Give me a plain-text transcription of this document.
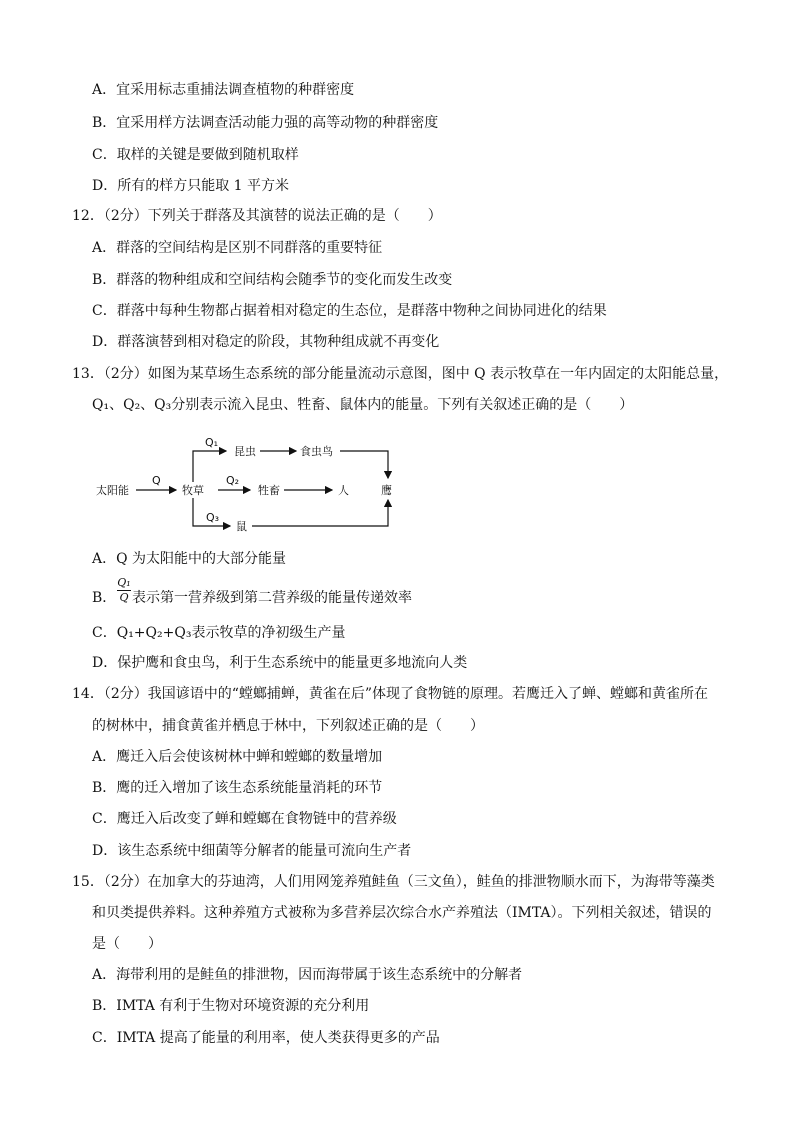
A．宜采用标志重捕法调查植物的种群密度
B．宜采用样方法调查活动能力强的高等动物的种群密度
C．取样的关键是要做到随机取样
D．所有的样方只能取 1 平方米
12．（2分）下列关于群落及其演替的说法正确的是（　　）
A．群落的空间结构是区别不同群落的重要特征
B．群落的物种组成和空间结构会随季节的变化而发生改变
C．群落中每种生物都占据着相对稳定的生态位，是群落中物种之间协同进化的结果
D．群落演替到相对稳定的阶段，其物种组成就不再变化
13．（2分）如图为某草场生态系统的部分能量流动示意图，图中 Q 表示牧草在一年内固定的太阳能总量，
Q₁、Q₂、Q₃分别表示流入昆虫、牲畜、鼠体内的能量。下列有关叙述正确的是（　　）
太阳能
Q
牧草
Q₁
Q₂
Q₃
昆虫	食虫鸟
牲畜	人	鹰
鼠
A．Q 为太阳能中的大部分能量
B．
Q₁
Q 表示第一营养级到第二营养级的能量传递效率
C．Q₁+Q₂+Q₃表示牧草的净初级生产量
D．保护鹰和食虫鸟，利于生态系统中的能量更多地流向人类
14．（2分）我国谚语中的“螳螂捕蝉，黄雀在后”体现了食物链的原理。若鹰迁入了蝉、螳螂和黄雀所在
的树林中，捕食黄雀并栖息于林中，下列叙述正确的是（　　）
A．鹰迁入后会使该树林中蝉和螳螂的数量增加
B．鹰的迁入增加了该生态系统能量消耗的环节
C．鹰迁入后改变了蝉和螳螂在食物链中的营养级
D．该生态系统中细菌等分解者的能量可流向生产者
15．（2分）在加拿大的芬迪湾，人们用网笼养殖鲑鱼（三文鱼），鲑鱼的排泄物顺水而下，为海带等藻类
和贝类提供养料。这种养殖方式被称为多营养层次综合水产养殖法（IMTA）。下列相关叙述，错误的
是（　　）
A．海带利用的是鲑鱼的排泄物，因而海带属于该生态系统中的分解者
B．IMTA 有利于生物对环境资源的充分利用
C．IMTA 提高了能量的利用率，使人类获得更多的产品
